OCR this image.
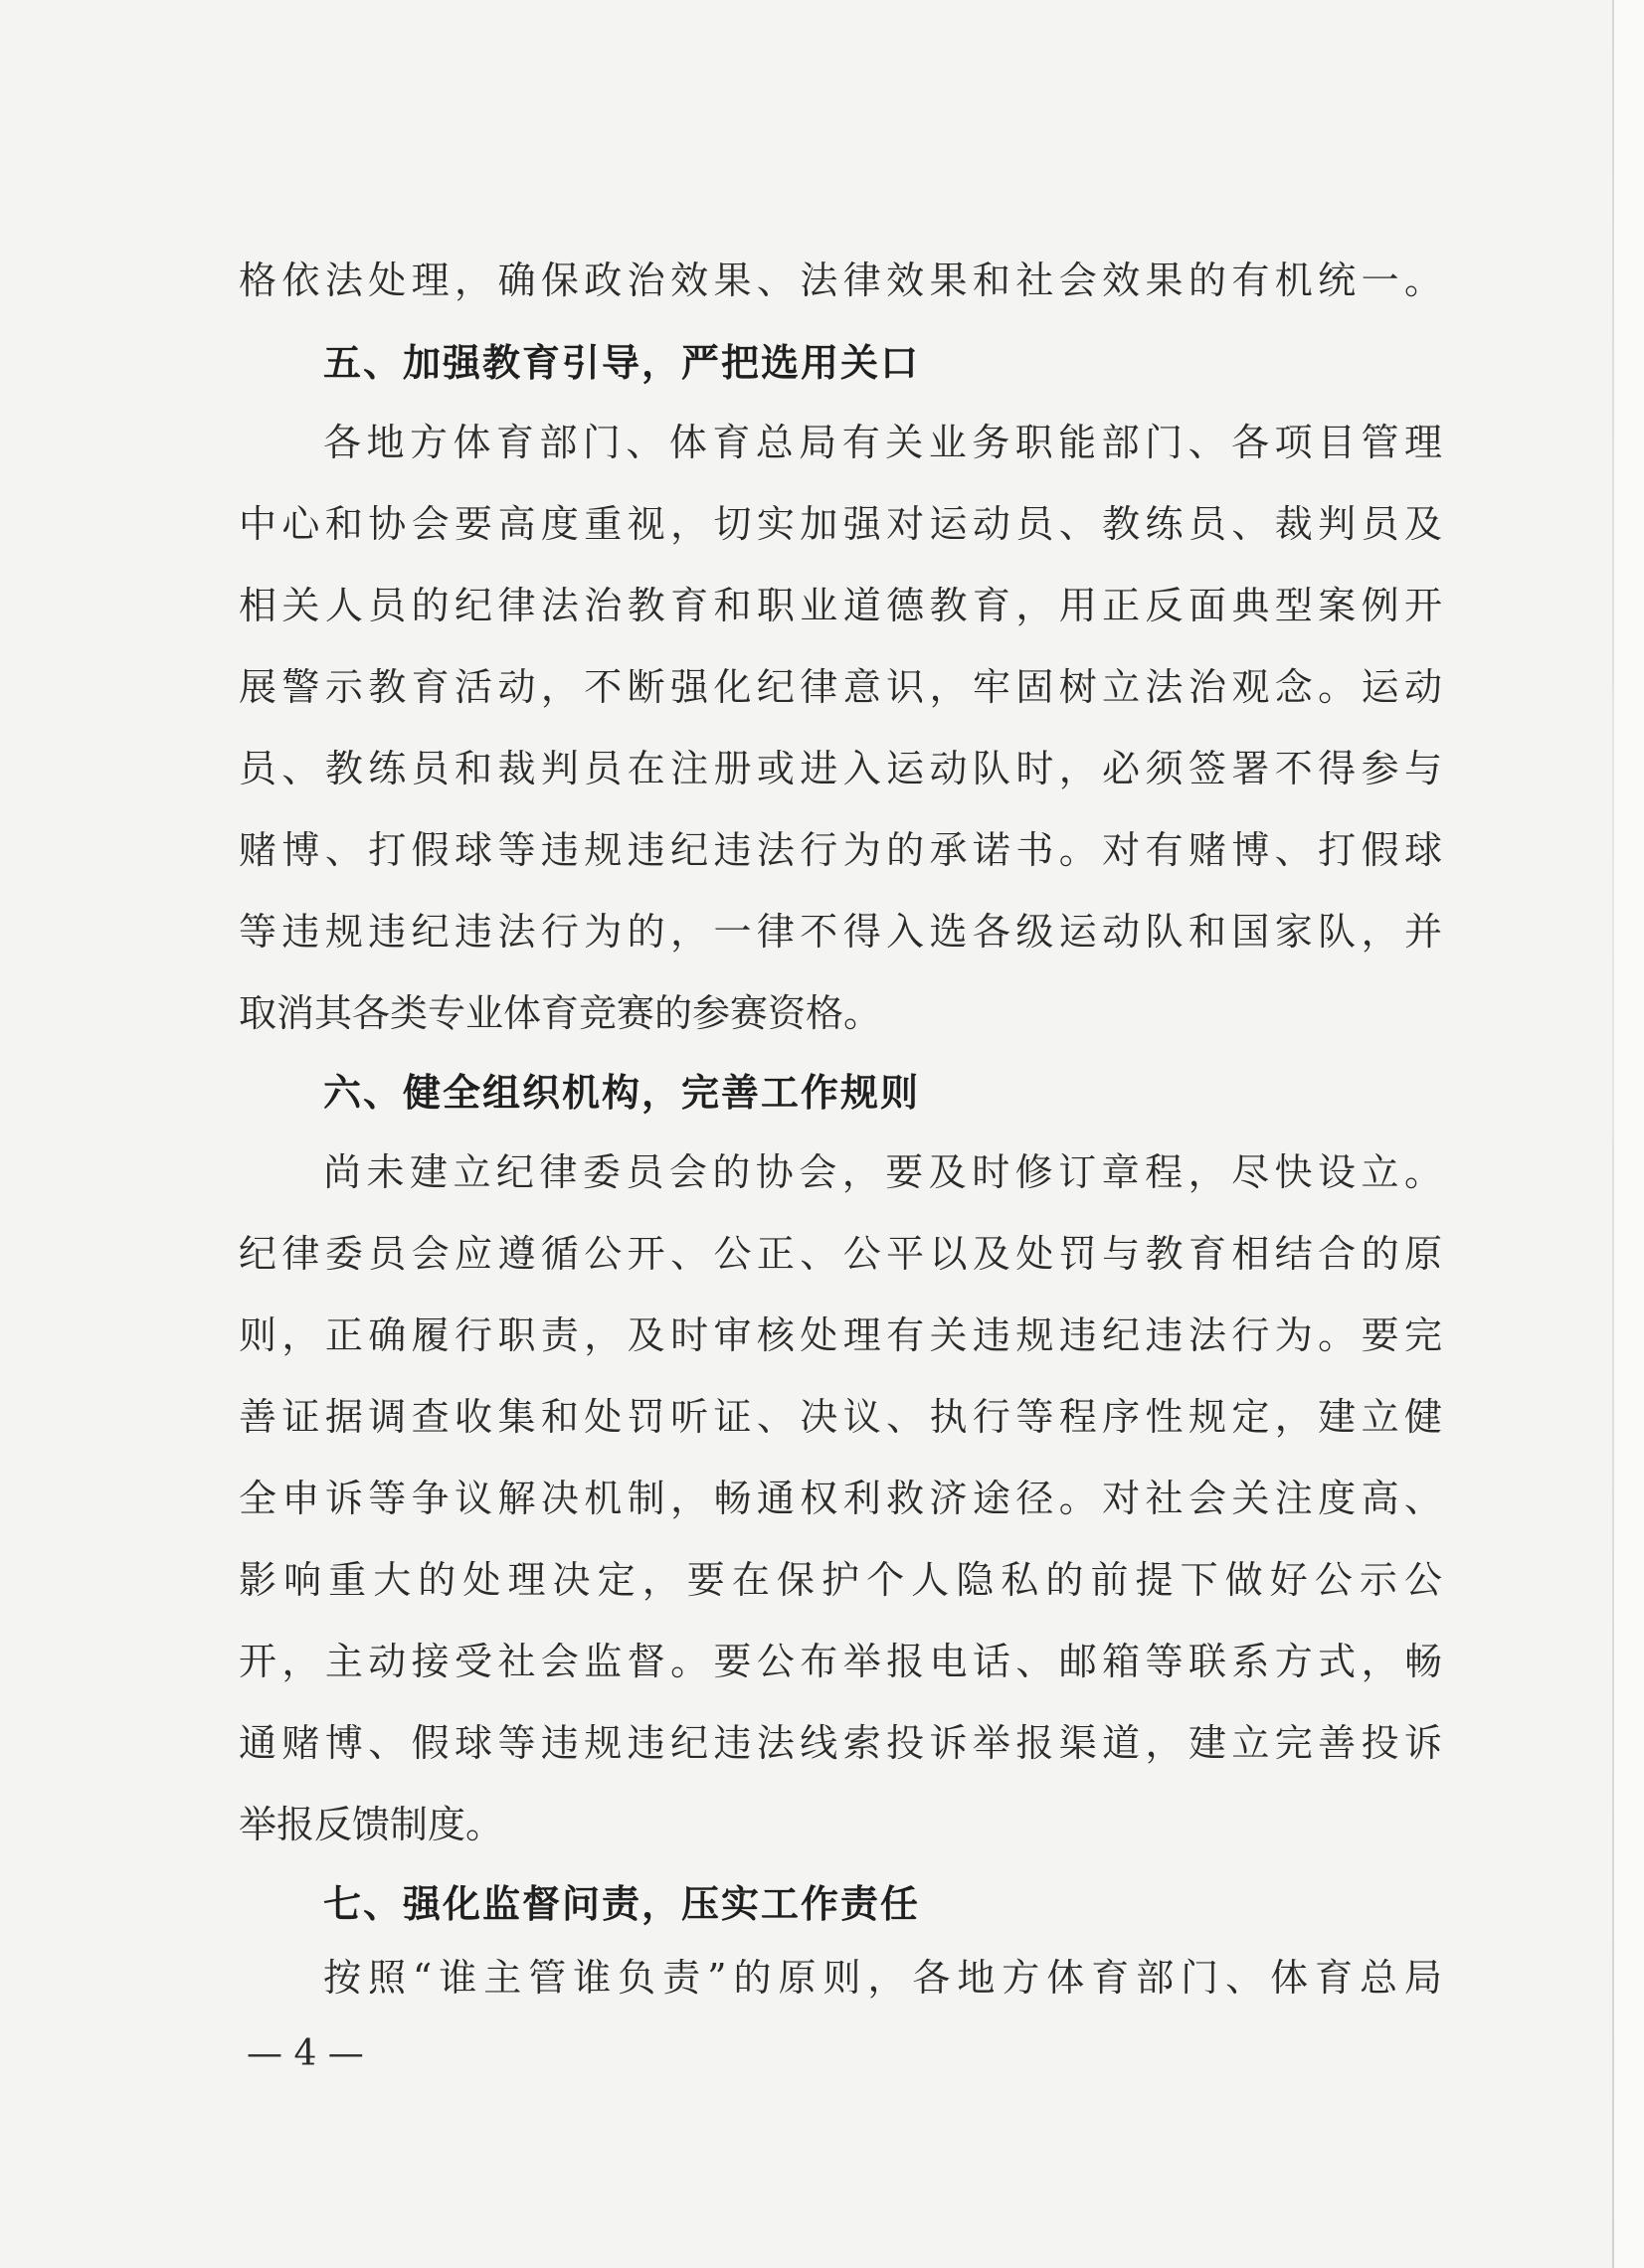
格依法处理，确保政治效果、法律效果和社会效果的有机统一。
五、加强教育引导，严把选用关口
各地方体育部门、体育总局有关业务职能部门、各项目管理
中心和协会要高度重视，切实加强对运动员、教练员、裁判员及
相关人员的纪律法治教育和职业道德教育，用正反面典型案例开
展警示教育活动，不断强化纪律意识，牢固树立法治观念。运动
员、教练员和裁判员在注册或进入运动队时，必须签署不得参与
赌博、打假球等违规违纪违法行为的承诺书。对有赌博、打假球
等违规违纪违法行为的，一律不得入选各级运动队和国家队，并
取消其各类专业体育竞赛的参赛资格。
六、健全组织机构，完善工作规则
尚未建立纪律委员会的协会，要及时修订章程，尽快设立。
纪律委员会应遵循公开、公正、公平以及处罚与教育相结合的原
则，正确履行职责，及时审核处理有关违规违纪违法行为。要完
善证据调查收集和处罚听证、决议、执行等程序性规定，建立健
全申诉等争议解决机制，畅通权利救济途径。对社会关注度高、
影响重大的处理决定，要在保护个人隐私的前提下做好公示公
开，主动接受社会监督。要公布举报电话、邮箱等联系方式，畅
通赌博、假球等违规违纪违法线索投诉举报渠道，建立完善投诉
举报反馈制度。
七、强化监督问责，压实工作责任
按照“谁主管谁负责”的原则，各地方体育部门、体育总局
— 4 —
